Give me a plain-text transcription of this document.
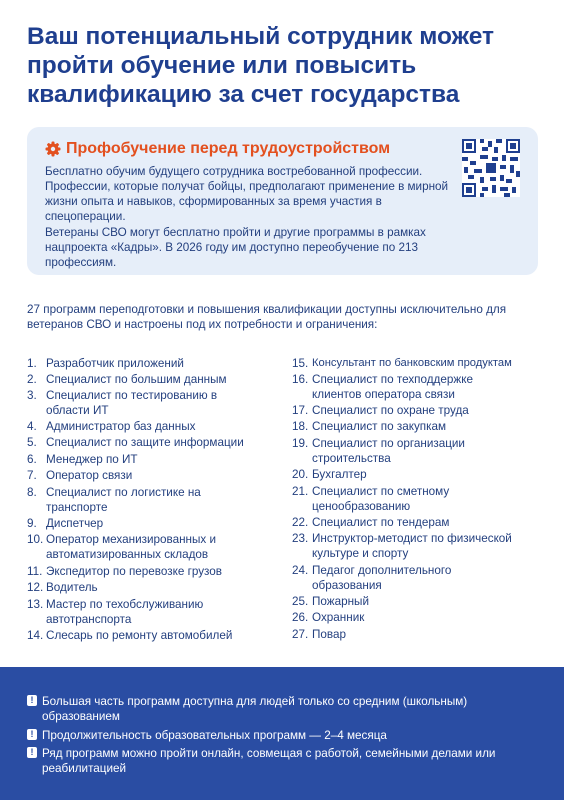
Ваш потенциальный сотрудник может пройти обучение или повысить квалификацию за счет государства
Профобучение перед трудоустройством

Бесплатно обучим будущего сотрудника востребованной профессии. Профессии, которые получат бойцы, предполагают применение в мирной жизни опыта и навыков, сформированных за время участия в спецоперации.

Ветераны СВО могут бесплатно пройти и другие программы в рамках нацпроекта «Кадры». В 2026 году им доступно переобучение по 213 профессиям.

27 программ переподготовки и повышения квалификации доступны исключительно для ветеранов СВО и настроены под их потребности и ограничения:

1. Разработчик приложений
2. Специалист по большим данным
3. Специалист по тестированию в области ИТ
4. Администратор баз данных
5. Специалист по защите информации
6. Менеджер по ИТ
7. Оператор связи
8. Специалист по логистике на транспорте
9. Диспетчер
10. Оператор механизированных и автоматизированных складов
11. Экспедитор по перевозке грузов
12. Водитель
13. Мастер по техобслуживанию автотранспорта
14. Слесарь по ремонту автомобилей
15. Консультант по банковским продуктам
16. Специалист по техподдержке клиентов оператора связи
17. Специалист по охране труда
18. Специалист по закупкам
19. Специалист по организации строительства
20. Бухгалтер
21. Специалист по сметному ценообразованию
22. Специалист по тендерам
23. Инструктор-методист по физической культуре и спорту
24. Педагог дополнительного образования
25. Пожарный
26. Охранник
27. Повар
! Большая часть программ доступна для людей только со средним (школьным) образованием
! Продолжительность образовательных программ — 2–4 месяца
! Ряд программ можно пройти онлайн, совмещая с работой, семейными делами или реабилитацией
